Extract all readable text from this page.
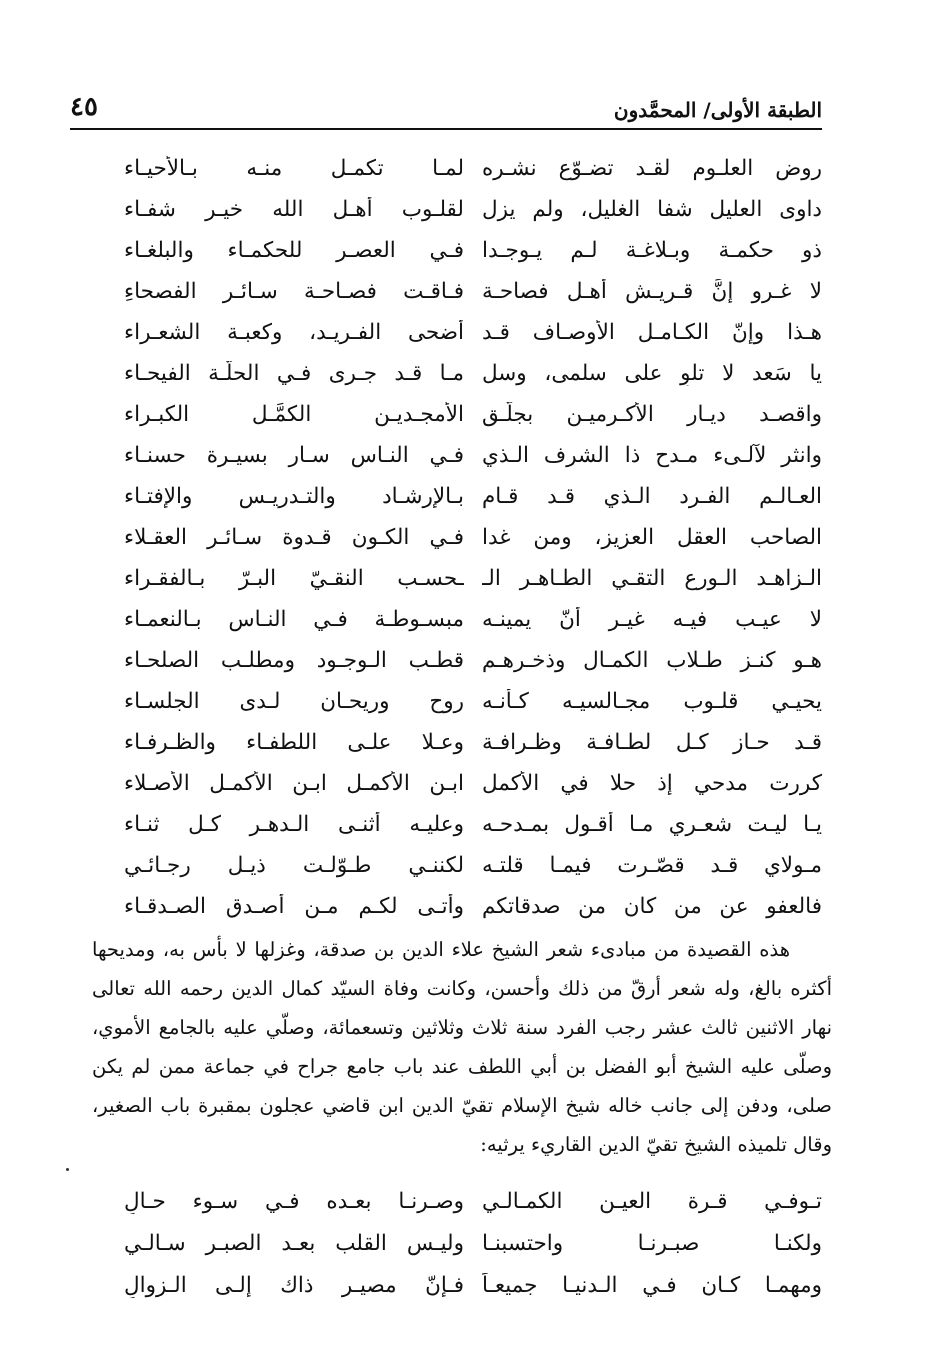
الطبقة الأولى/ المحمَّدون
٤٥
روض العلـوم لقـد تضـوّع نشـره
لمـا تكمـل منـه بـالأحيـاء
داوى العليل شفا الغليل، ولم يزل
لقلـوب أهـل الله خيـر شفـاء
ذو حكمـة وبـلاغـة لـم يـوجـدا
فـي العصـر للحكمـاء والبلغـاء
لا غـرو إنَّ قـريـش أهـل فصاحـة
فـاقـت فصـاحـة سـائـر الفصحاءِ
هـذا وإنّ الكـامـل الأوصـاف قـد
أضحى الفـريـد، وكعبـة الشعـراء
يا سَعد لا تلوِ على سلمى، وسل
مـا قـد جـرى فـي الحلّـة الفيحـاء
واقصـد ديـار الأكـرميـن بجلّـق
الأمجـديـن الكمَّـل الكبـراء
وانثر لآلـىء مـدح ذا الشرف الـذي
فـي النـاس سـار بسيـرة حسنـاء
العـالـم الفـرد الـذي قـد قـام
بـالإرشـاد والتـدريـس والإفتـاء
الصاحب العقل العزيز، ومن غدا
فـي الكـون قـدوة سـائـر العقـلاء
الـزاهـد الـورع التقـي الطـاهـر الـ
ـحسـب النقـيّ البـرّ بـالفقـراء
لا عيـب فيـه غيـر أنّ يمينـه
مبسـوطـة فـي النـاس بـالنعمـاء
هـو كنـز طـلاب الكمـال وذخـرهـم
قطـب الـوجـود ومطلـب الصلحـاء
يحيـي قلـوب مجـالسيـه كـأنـه
روح وريحـان لـدى الجلسـاء
قـد حـاز كـل لطـافـة وظـرافـة
وعـلا علـى اللطفـاء والظـرفـاء
كررت مدحي إذ حلا في الأكمل
ابـن الأكمـل ابـن الأكمـل الأصـلاء
يـا ليـت شعـري مـا أقـول بمـدحـه
وعليـه أثنـى الـدهـر كـل ثنـاء
مـولاي قـد قصّـرت فيمـا قلتـه
لكننـي طـوّلـت ذيـل رجـائـي
فالعفو عن من كان من صدقاتكم
وأتـى لكـم مـن أصـدق الصـدقـاء

هذه القصيدة من مبادىء شعر الشيخ علاء الدين بن صدقة، وغزلها لا بأس به، ومديحها أكثره بالغ، وله شعر أرقّ من ذلك وأحسن، وكانت وفاة السيّد كمال الدين رحمه الله تعالى نهار الاثنين ثالث عشر رجب الفرد سنة ثلاث وثلاثين وتسعمائة، وصلّي عليه بالجامع الأموي، وصلّى عليه الشيخ أبو الفضل بن أبي اللطف عند باب جامع جراح في جماعة ممن لم يكن صلى، ودفن إلى جانب خاله شيخ الإسلام تقيّ الدين ابن قاضي عجلون بمقبرة باب الصغير، وقال تلميذه الشيخ تقيّ الدين القاريء يرثيه:

تـوفـي قـرة العيـن الكمـالـي
وصـرنـا بعـده فـي سـوء حـالِ
ولكنـا صبـرنـا واحتسبنـا
وليـس القلب بعـد الصبـر سـالـي
ومهمـا كـان فـي الـدنيـا جميعـاً
فـإنّ مصيـر ذاك إلـى الـزوالِ
